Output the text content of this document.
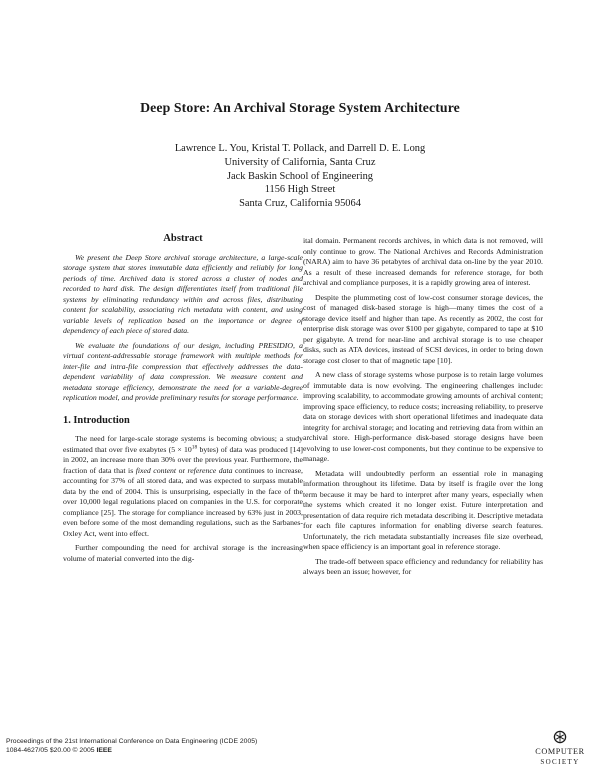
Deep Store: An Archival Storage System Architecture
Lawrence L. You, Kristal T. Pollack, and Darrell D. E. Long
University of California, Santa Cruz
Jack Baskin School of Engineering
1156 High Street
Santa Cruz, California 95064
Abstract

We present the Deep Store archival storage architecture, a large-scale storage system that stores immutable data efficiently and reliably for long periods of time. Archived data is stored across a cluster of nodes and recorded to hard disk. The design differentiates itself from traditional file systems by eliminating redundancy within and across files, distributing content for scalability, associating rich metadata with content, and using variable levels of replication based on the importance or degree of dependency of each piece of stored data.

We evaluate the foundations of our design, including PRESIDIO, a virtual content-addressable storage framework with multiple methods for inter-file and intra-file compression that effectively addresses the data-dependent variability of data compression. We measure content and metadata storage efficiency, demonstrate the need for a variable-degree replication model, and provide preliminary results for storage performance.

1. Introduction

The need for large-scale storage systems is becoming obvious; a study estimated that over five exabytes ($5 \times 10^{18}$ bytes) of data was produced [14] in 2002, an increase more than 30% over the previous year. Furthermore, the fraction of data that is fixed content or reference data continues to increase, accounting for 37% of all stored data, and was expected to surpass mutable data by the end of 2004. This is unsurprising, especially in the face of the over 10,000 legal regulations placed on companies in the U.S. for corporate compliance [25]. The storage for compliance increased by 63% just in 2003, even before some of the most demanding regulations, such as the Sarbanes-Oxley Act, went into effect.

Further compounding the need for archival storage is the increasing volume of material converted into the dig-

ital domain. Permanent records archives, in which data is not removed, will only continue to grow. The National Archives and Records Administration (NARA) aim to have 36 petabytes of archival data on-line by the year 2010. As a result of these increased demands for reference storage, for both archival and compliance purposes, it is a rapidly growing area of interest.

Despite the plummeting cost of low-cost consumer storage devices, the cost of managed disk-based storage is high—many times the cost of a storage device itself and higher than tape. As recently as 2002, the cost for enterprise disk storage was over $100 per gigabyte, compared to tape at $10 per gigabyte. A trend for near-line and archival storage is to use cheaper disks, such as ATA devices, instead of SCSI devices, in order to bring down storage cost closer to that of magnetic tape [10].

A new class of storage systems whose purpose is to retain large volumes of immutable data is now evolving. The engineering challenges include: improving scalability, to accommodate growing amounts of archival content; improving space efficiency, to reduce costs; increasing reliability, to preserve data on storage devices with short operational lifetimes and inadequate data integrity for archival storage; and locating and retrieving data from within an archival store. High-performance disk-based storage designs have been evolving to use lower-cost components, but they continue to be expensive to manage.

Metadata will undoubtedly perform an essential role in managing information throughout its lifetime. Data by itself is fragile over the long term because it may be hard to interpret after many years, especially when the systems which created it no longer exist. Future interpretation and presentation of data require rich metadata describing it. Descriptive metadata for each file captures information for enabling diverse search features. Unfortunately, the rich metadata substantially increases file size overhead, when space efficiency is an important goal in reference storage.

The trade-off between space efficiency and redundancy for reliability has always been an issue; however, for

Proceedings of the 21st International Conference on Data Engineering (ICDE 2005)
1084-4627/05 $20.00 © 2005 IEEE	COMPUTER
SOCIETY
